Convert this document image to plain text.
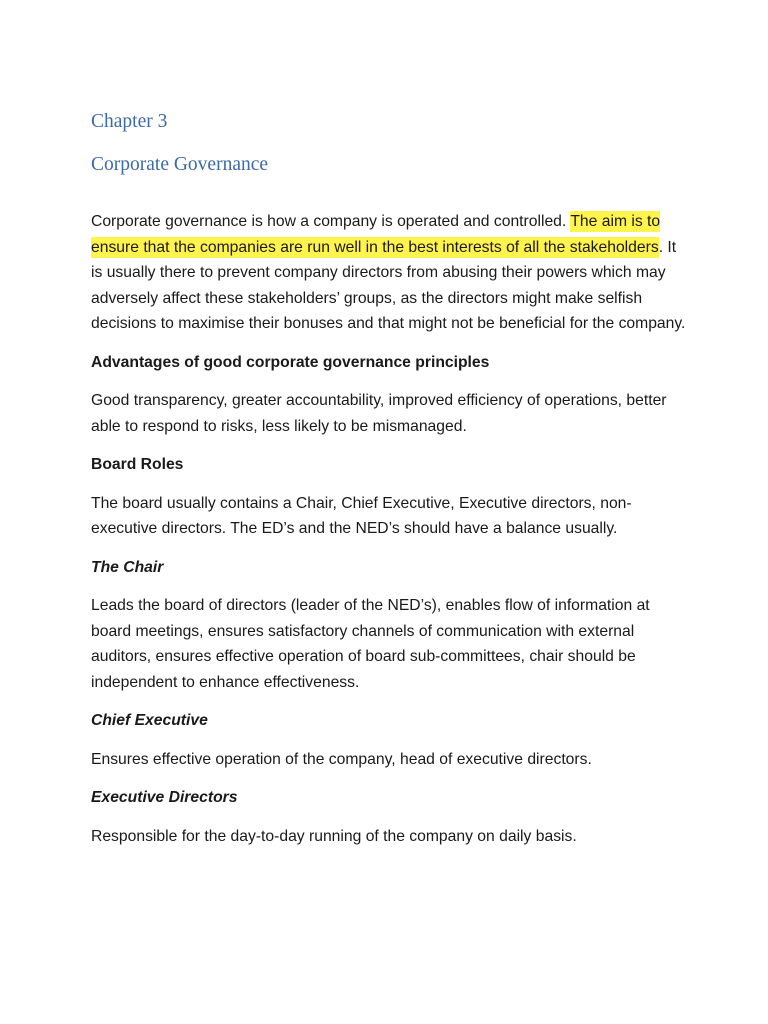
Chapter 3
Corporate Governance

Corporate governance is how a company is operated and controlled. The aim is to ensure that the companies are run well in the best interests of all the stakeholders. It is usually there to prevent company directors from abusing their powers which may adversely affect these stakeholders’ groups, as the directors might make selfish decisions to maximise their bonuses and that might not be beneficial for the company.

Advantages of good corporate governance principles

Good transparency, greater accountability, improved efficiency of operations, better able to respond to risks, less likely to be mismanaged.

Board Roles

The board usually contains a Chair, Chief Executive, Executive directors, non-executive directors. The ED’s and the NED’s should have a balance usually.

The Chair

Leads the board of directors (leader of the NED’s), enables flow of information at board meetings, ensures satisfactory channels of communication with external auditors, ensures effective operation of board sub-committees, chair should be independent to enhance effectiveness.

Chief Executive

Ensures effective operation of the company, head of executive directors.

Executive Directors

Responsible for the day-to-day running of the company on daily basis.
